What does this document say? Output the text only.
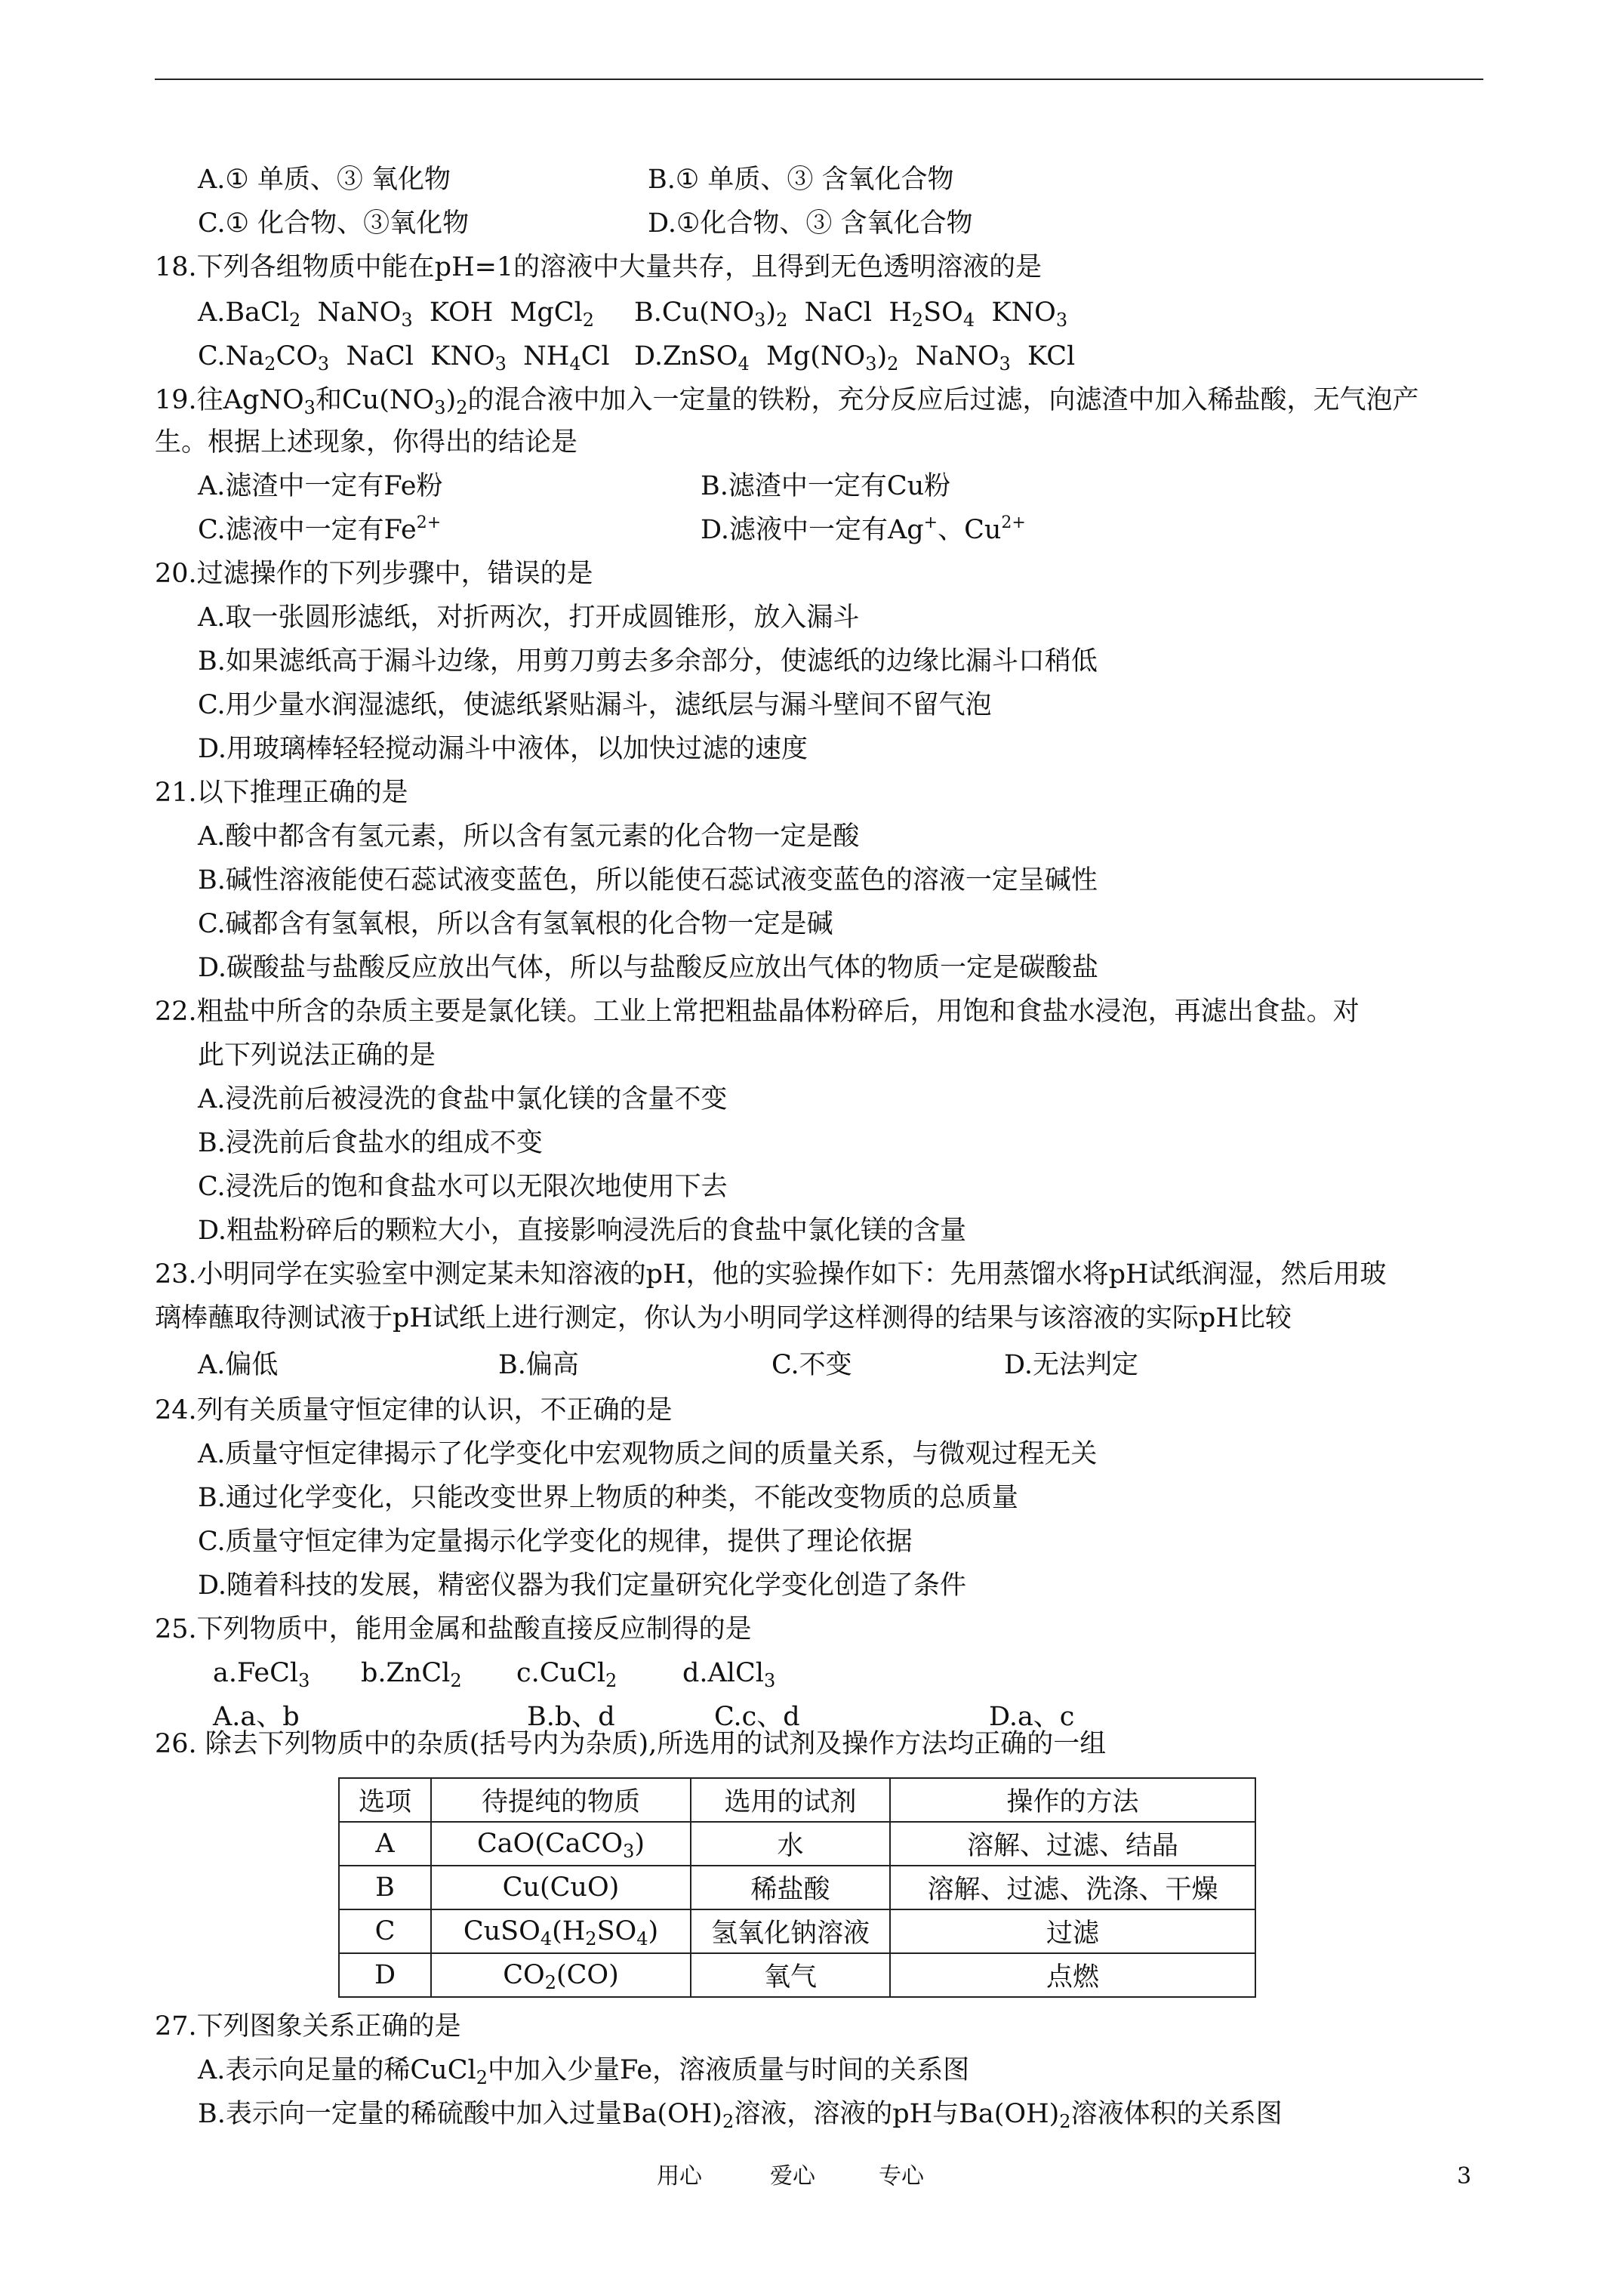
A.① 单质、③ 氧化物	B.① 单质、③ 含氧化合物
C.① 化合物、③氧化物	D.①化合物、③ 含氧化合物
18.下列各组物质中能在pH=1的溶液中大量共存，且得到无色透明溶液的是
A.BaCl$_2$  NaNO$_3$  KOH  MgCl$_2$ $B.Cu(NO_3)_2$  NaCl  $H_2SO_4$  $KNO_3$
$C.Na_2CO_3$  NaCl  $KNO_3$  $NH_4Cl$ D.ZnSO$_4$  $Mg(NO_3)_2$  NaNO$_3$  KCl
19.往AgNO$_3$和$Cu(NO_3)_2$的混合液中加入一定量的铁粉，充分反应后过滤，向滤渣中加入稀盐酸，无气泡产
生。根据上述现象，你得出的结论是
A.滤渣中一定有Fe粉	B.滤渣中一定有Cu粉
C.滤液中一定有$Fe^{2+}$	D.滤液中一定有Ag+、$Cu^{2+}$
20.过滤操作的下列步骤中，错误的是
A.取一张圆形滤纸，对折两次，打开成圆锥形，放入漏斗
B.如果滤纸高于漏斗边缘，用剪刀剪去多余部分，使滤纸的边缘比漏斗口稍低
C.用少量水润湿滤纸，使滤纸紧贴漏斗，滤纸层与漏斗壁间不留气泡
D.用玻璃棒轻轻搅动漏斗中液体，以加快过滤的速度
21.以下推理正确的是
A.酸中都含有氢元素，所以含有氢元素的化合物一定是酸
B.碱性溶液能使石蕊试液变蓝色，所以能使石蕊试液变蓝色的溶液一定呈碱性
C.碱都含有氢氧根，所以含有氢氧根的化合物一定是碱
D.碳酸盐与盐酸反应放出气体，所以与盐酸反应放出气体的物质一定是碳酸盐
22.粗盐中所含的杂质主要是氯化镁。工业上常把粗盐晶体粉碎后，用饱和食盐水浸泡，再滤出食盐。对
此下列说法正确的是
A.浸洗前后被浸洗的食盐中氯化镁的含量不变
B.浸洗前后食盐水的组成不变
C.浸洗后的饱和食盐水可以无限次地使用下去
D.粗盐粉碎后的颗粒大小，直接影响浸洗后的食盐中氯化镁的含量
23.小明同学在实验室中测定某未知溶液的pH，他的实验操作如下：先用蒸馏水将pH试纸润湿，然后用玻
璃棒蘸取待测试液于pH试纸上进行测定，你认为小明同学这样测得的结果与该溶液的实际pH比较
A.偏低	B.偏高	C.不变	D.无法判定
24.列有关质量守恒定律的认识，不正确的是
A.质量守恒定律揭示了化学变化中宏观物质之间的质量关系，与微观过程无关
B.通过化学变化，只能改变世界上物质的种类，不能改变物质的总质量
C.质量守恒定律为定量揭示化学变化的规律，提供了理论依据
D.随着科技的发展，精密仪器为我们定量研究化学变化创造了条件
25.下列物质中，能用金属和盐酸直接反应制得的是
a.FeCl$_3$ b.ZnCl$_2$ c.CuCl$_2$ d.AlCl$_3$
A.a、b	B.b、d	C.c、d	D.a、c
26. 除去下列物质中的杂质(括号内为杂质),所选用的试剂及操作方法均正确的一组
选项	待提纯的物质	选用的试剂	操作的方法
A	CaO(CaCO$_3$)	水	溶解、过滤、结晶
B	Cu(CuO)	稀盐酸	溶解、过滤、洗涤、干燥
C	$CuSO_4(H_2SO_4)$	氢氧化钠溶液	过滤
D	$CO_2(CO)$	氧气	点燃
27.下列图象关系正确的是
A.表示向足量的稀CuCl$_2$中加入少量Fe，溶液质量与时间的关系图
B.表示向一定量的稀硫酸中加入过量$Ba(OH)_2$溶液，溶液的pH与$Ba(OH)_2$溶液体积的关系图
用心	爱心	专心	3
